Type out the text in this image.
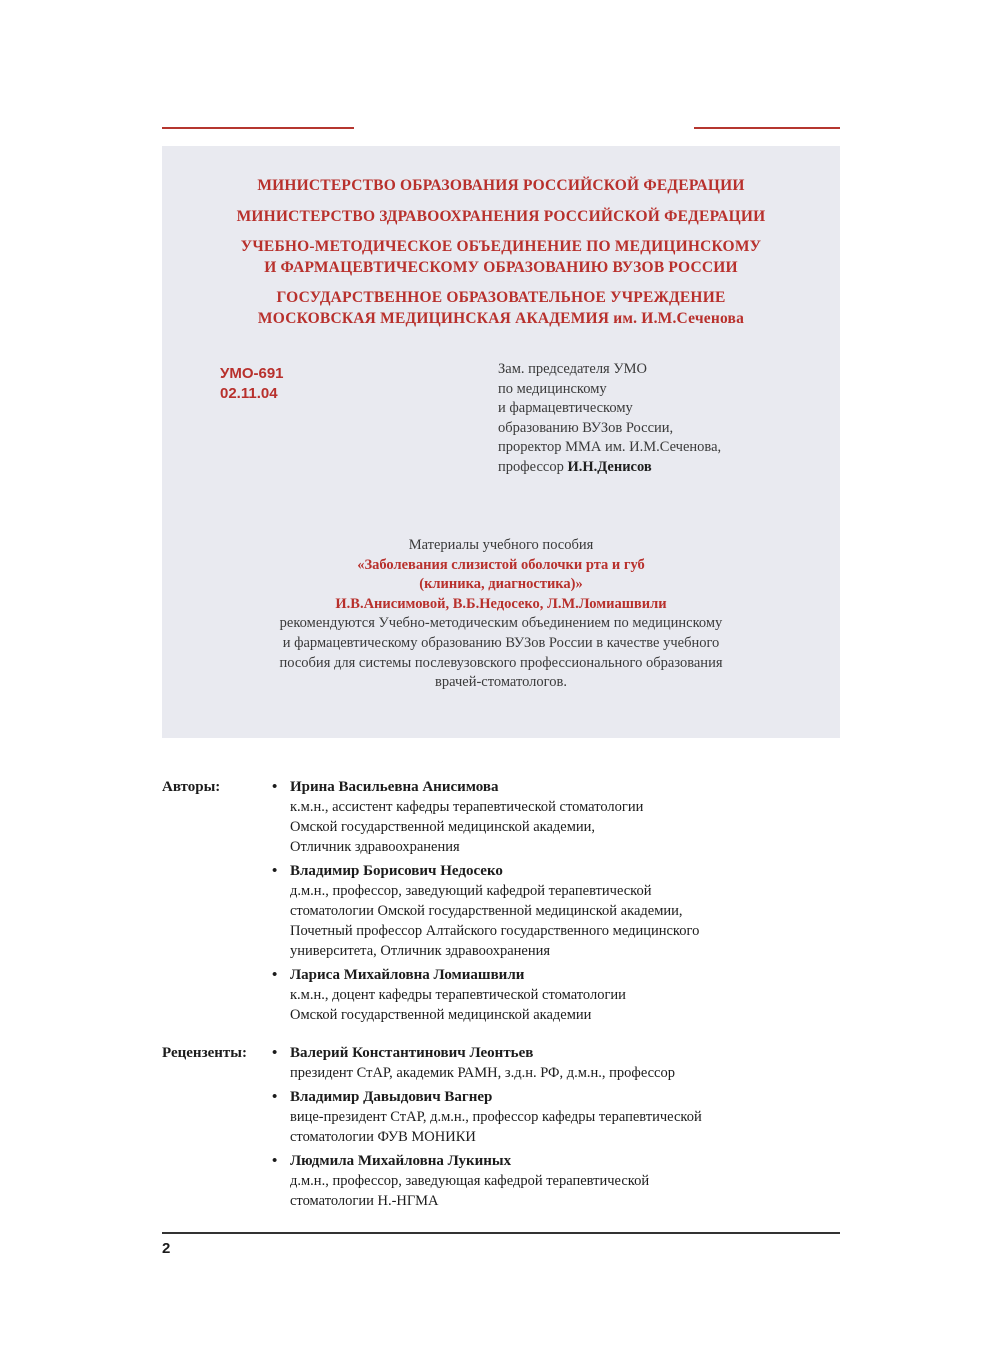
МИНИСТЕРСТВО ОБРАЗОВАНИЯ РОССИЙСКОЙ ФЕДЕРАЦИИ
МИНИСТЕРСТВО ЗДРАВООХРАНЕНИЯ РОССИЙСКОЙ ФЕДЕРАЦИИ
УЧЕБНО-МЕТОДИЧЕСКОЕ ОБЪЕДИНЕНИЕ ПО МЕДИЦИНСКОМУ
И ФАРМАЦЕВТИЧЕСКОМУ ОБРАЗОВАНИЮ ВУЗОВ РОССИИ
ГОСУДАРСТВЕННОЕ ОБРАЗОВАТЕЛЬНОЕ УЧРЕЖДЕНИЕ
МОСКОВСКАЯ МЕДИЦИНСКАЯ АКАДЕМИЯ им. И.М.Сеченова
УМО-691
02.11.04
Зам. председателя УМО
по медицинскому
и фармацевтическому
образованию ВУЗов России,
проректор ММА им. И.М.Сеченова,
профессор И.Н.Денисов
Материалы учебного пособия
«Заболевания слизистой оболочки рта и губ
(клиника, диагностика)»
И.В.Анисимовой, В.Б.Недосеко, Л.М.Ломиашвили
рекомендуются Учебно-методическим объединением по медицинскому
и фармацевтическому образованию ВУЗов России в качестве учебного
пособия для системы послевузовского профессионального образования
врачей-стоматологов.
Авторы:	• Ирина Васильевна Анисимова
к.м.н., ассистент кафедры терапевтической стоматологии
Омской государственной медицинской академии,
Отличник здравоохранения
• Владимир Борисович Недосеко
д.м.н., профессор, заведующий кафедрой терапевтической
стоматологии Омской государственной медицинской академии,
Почетный профессор Алтайского государственного медицинского
университета, Отличник здравоохранения
• Лариса Михайловна Ломиашвили
к.м.н., доцент кафедры терапевтической стоматологии
Омской государственной медицинской академии
Рецензенты: • Валерий Константинович Леонтьев
президент СтАР, академик РАМН, з.д.н. РФ, д.м.н., профессор
• Владимир Давыдович Вагнер
вице-президент СтАР, д.м.н., профессор кафедры терапевтической
стоматологии ФУВ МОНИКИ
• Людмила Михайловна Лукиных
д.м.н., профессор, заведующая кафедрой терапевтической
стоматологии Н.-НГМА
2
